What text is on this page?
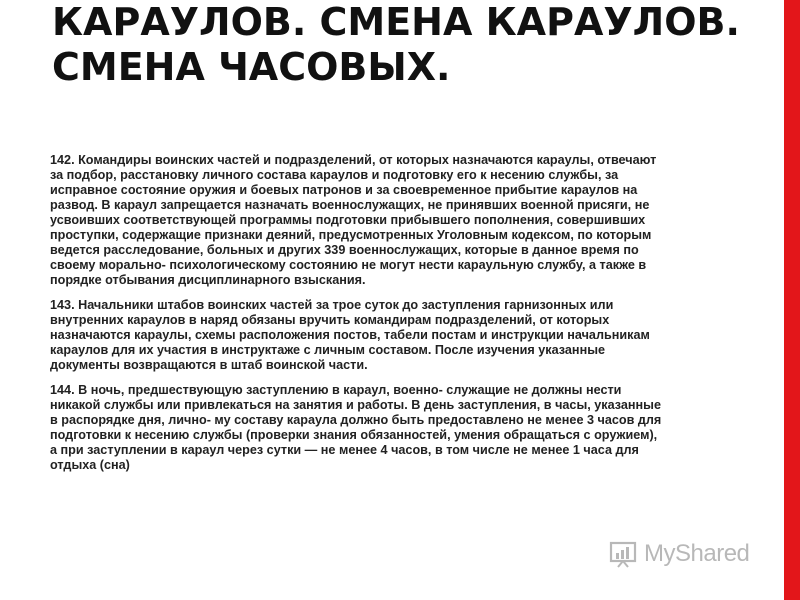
КАРАУЛОВ. СМЕНА КАРАУЛОВ. СМЕНА ЧАСОВЫХ.

142. Командиры воинских частей и подразделений, от которых назначаются караулы, отвечают за подбор, расстановку личного состава караулов и подготовку его к несению службы, за исправное состояние оружия и боевых патронов и за своевременное прибытие караулов на развод. В караул запрещается назначать военнослужащих, не принявших военной присяги, не усвоивших соответствующей программы подготовки прибывшего пополнения, совершивших проступки, содержащие признаки деяний, предусмотренных Уголовным кодексом, по которым ведется расследование, больных и других 339 военнослужащих, которые в данное время по своему морально- психологическому состоянию не могут нести караульную службу, а также в порядке отбывания дисциплинарного взыскания.

143. Начальники штабов воинских частей за трое суток до заступления гарнизонных или внутренних караулов в наряд обязаны вручить командирам подразделений, от которых назначаются караулы, схемы расположения постов, табели постам и инструкции начальникам караулов для их участия в инструктаже с личным составом. После изучения указанные документы возвращаются в штаб воинской части.

144. В ночь, предшествующую заступлению в караул, военно- служащие не должны нести никакой службы или привлекаться на занятия и работы. В день заступления, в часы, указанные в распорядке дня, лично- му составу караула должно быть предоставлено не менее 3 часов для подготовки к несению службы (проверки знания обязанностей, умения обращаться с оружием), а при заступлении в караул через сутки — не менее 4 часов, в том числе не менее 1 часа для отдыха (сна)

MyShared
